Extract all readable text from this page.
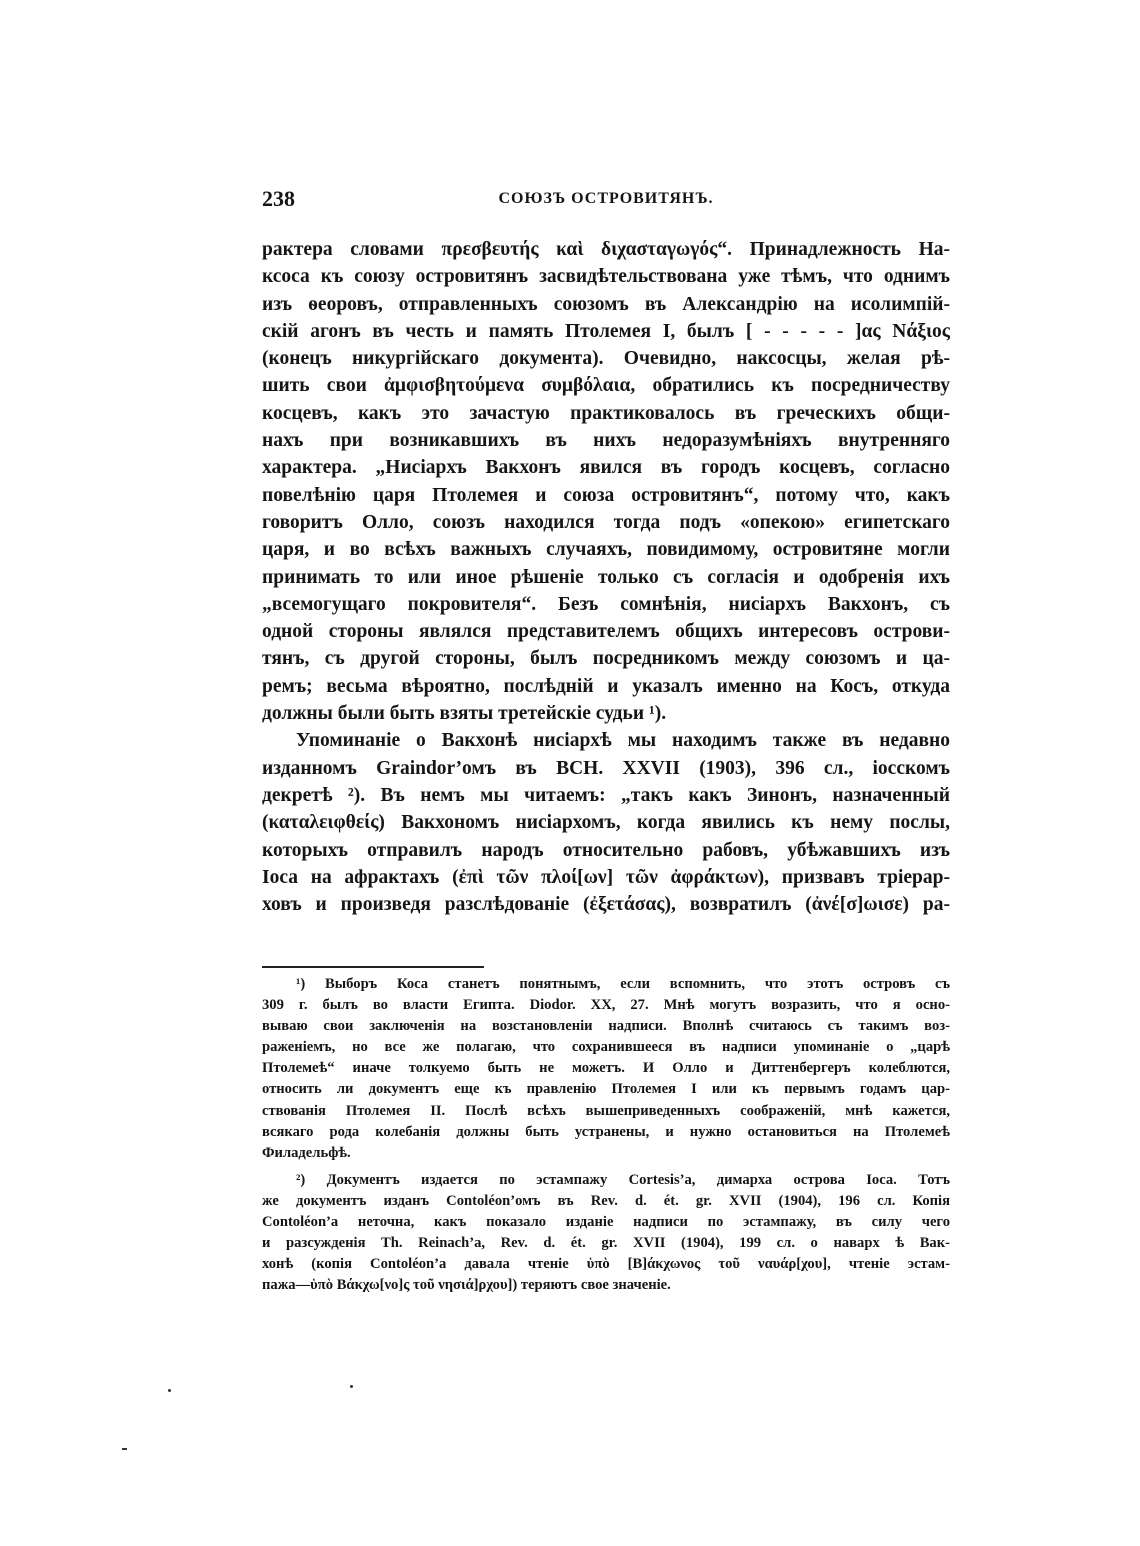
238	СОЮЗЪ ОСТРОВИТЯНЪ.
рактера словами πρεσβευτής καὶ διχασταγωγός“. Принадлежность На-
ксоса къ союзу островитянъ засвидѣтельствована уже тѣмъ, что однимъ
изъ ѳеоровъ, отправленныхъ союзомъ въ Александрію на исолимпій-
скій агонъ въ честь и память Птолемея I, былъ [ - - - - - ]ας Νάξιος
(конецъ никургійскаго документа). Очевидно, наксосцы, желая рѣ-
шить свои ἀμφισβητούμενα συμβόλαια, обратились къ посредничеству
косцевъ, какъ это зачастую практиковалось въ греческихъ общи-
нахъ при возникавшихъ въ нихъ недоразумѣніяхъ внутренняго
характера. „Нисіархъ Вакхонъ явился въ городъ косцевъ, согласно
повелѣнію царя Птолемея и союза островитянъ“, потому что, какъ
говоритъ Олло, союзъ находился тогда подъ «опекою» египетскаго
царя, и во всѣхъ важныхъ случаяхъ, повидимому, островитяне могли
принимать то или иное рѣшеніе только съ согласія и одобренія ихъ
„всемогущаго покровителя“. Безъ сомнѣнія, нисіархъ Вакхонъ, съ
одной стороны являлся представителемъ общихъ интересовъ острови-
тянъ, съ другой стороны, былъ посредникомъ между союзомъ и ца-
ремъ; весьма вѣроятно, послѣдній и указалъ именно на Косъ, откуда
должны были быть взяты третейскіе судьи ¹).
Упоминаніе о Вакхонѣ нисіархѣ мы находимъ также въ недавно
изданномъ Graindor’омъ въ BCH. XXVII (1903), 396 сл., іосскомъ
декретѣ ²). Въ немъ мы читаемъ: „такъ какъ Зинонъ, назначенный
(καταλειφθείς) Вакхономъ нисіархомъ, когда явились къ нему послы,
которыхъ отправилъ народъ относительно рабовъ, убѣжавшихъ изъ
Іоса на афрактахъ (ἐπὶ τῶν πλοί[ων] τῶν ἀφράκτων), призвавъ тріерар-
ховъ и произведя разслѣдованіе (ἐξετάσας), возвратилъ (ἀνέ[σ]ωισε) ра-
¹) Выборъ Коса станетъ понятнымъ, если вспомнить, что этотъ островъ съ
309 г. былъ во власти Египта. Diodor. XX, 27. Мнѣ могутъ возразить, что я осно-
вываю свои заключенія на возстановленіи надписи. Вполнѣ считаюсь съ такимъ воз-
раженіемъ, но все же полагаю, что сохранившееся въ надписи упоминаніе о „царѣ
Птолемеѣ“ иначе толкуемо быть не можетъ. И Олло и Диттенбергеръ колеблются,
относить ли документъ еще къ правленію Птолемея I или къ первымъ годамъ цар-
ствованія Птолемея II. Послѣ всѣхъ вышеприведенныхъ соображеній, мнѣ кажется,
всякаго рода колебанія должны быть устранены, и нужно остановиться на Птолемеѣ
Филадельфѣ.
²) Документъ издается по эстампажу Cortesis’а, димарха острова Іоса. Тотъ
же документъ изданъ Contoléon’омъ въ Rev. d. ét. gr. XVII (1904), 196 сл. Копія
Contoléon’а неточна, какъ показало изданіе надписи по эстампажу, въ силу чего
и разсужденія Th. Reinach’а, Rev. d. ét. gr. XVII (1904), 199 сл. о наварх ѣ Вак-
хонѣ (копія Contoléon’а давала чтеніе ὑπὸ [Β]άκχωνος τοῦ ναυάρ[χου], чтеніе эстам-
пажа—ὑπὸ Βάκχω[νο]ς τοῦ νησιά]ρχου]) теряютъ свое значеніе.
